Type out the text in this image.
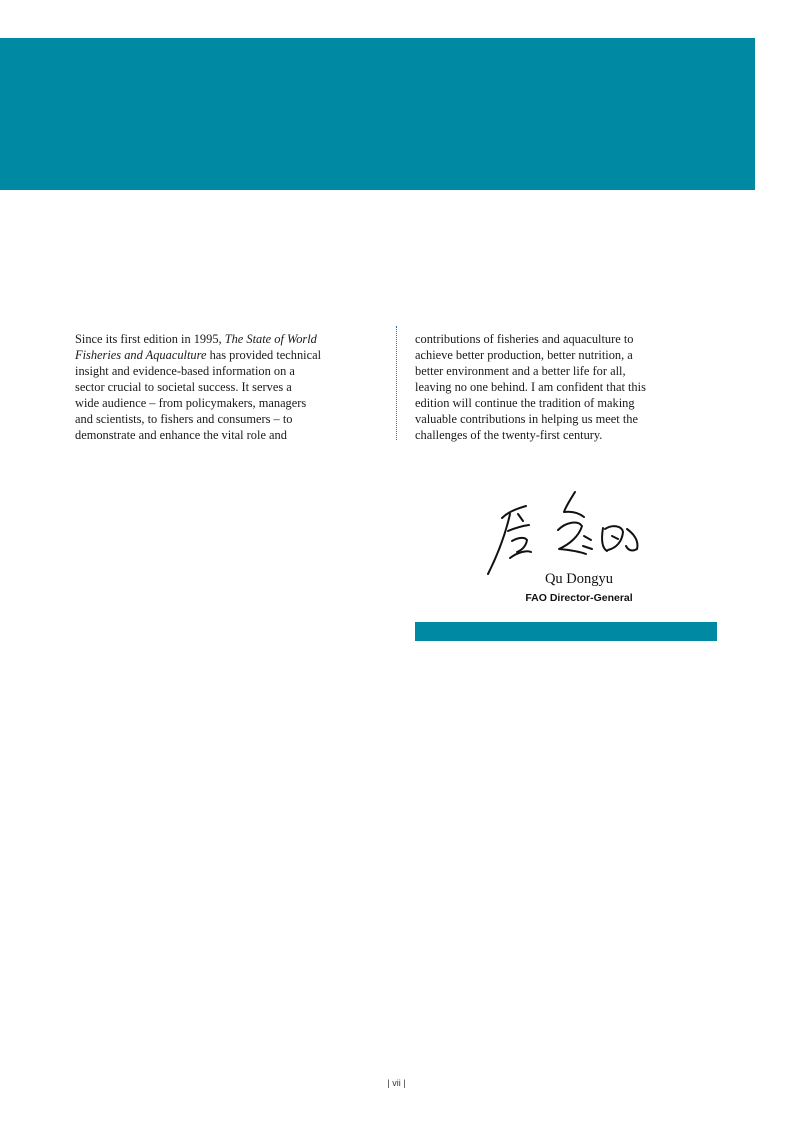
Since its first edition in 1995, The State of World
Fisheries and Aquaculture has provided technical
insight and evidence-based information on a
sector crucial to societal success. It serves a
wide audience – from policymakers, managers
and scientists, to fishers and consumers – to
demonstrate and enhance the vital role and

contributions of fisheries and aquaculture to
achieve better production, better nutrition, a
better environment and a better life for all,
leaving no one behind. I am confident that this
edition will continue the tradition of making
valuable contributions in helping us meet the
challenges of the twenty-first century.

Qu Dongyu
FAO Director-General
| vii |
